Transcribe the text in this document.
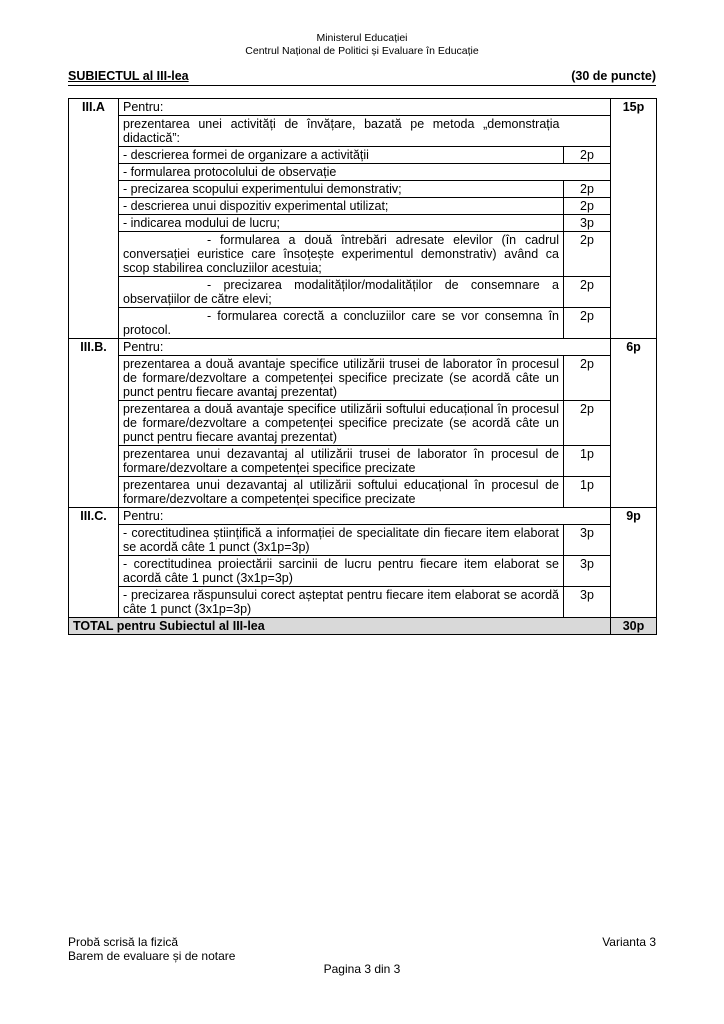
Ministerul Educației
Centrul Național de Politici și Evaluare în Educație
SUBIECTUL al III-lea	(30 de puncte)
III.A	Pentru:		15p
	prezentarea unei activități de învățare, bazată pe metoda „demonstrația didactică”:		
	- descrierea formei de organizare a activității	2p	
	- formularea protocolului de observație		
	- precizarea scopului experimentului demonstrativ;	2p	
	- descrierea unui dispozitiv experimental utilizat;	2p	
	- indicarea modului de lucru;	3p	
	- formularea a două întrebări adresate elevilor (în cadrul conversației euristice care însoțește experimentul demonstrativ) având ca scop stabilirea concluziilor acestuia;	2p	
	- precizarea modalităților/modalităților de consemnare a observațiilor de către elevi;	2p	
	- formularea corectă a concluziilor care se vor consemna în protocol.	2p	
III.B.	Pentru:		6p
	prezentarea a două avantaje specifice utilizării trusei de laborator în procesul de formare/dezvoltare a competenței specifice precizate (se acordă câte un punct pentru fiecare avantaj prezentat)	2p	
	prezentarea a două avantaje specifice utilizării softului educațional în procesul de formare/dezvoltare a competenței specifice precizate (se acordă câte un punct pentru fiecare avantaj prezentat)	2p	
	prezentarea unui dezavantaj al utilizării trusei de laborator în procesul de formare/dezvoltare a competenței specifice precizate	1p	
	prezentarea unui dezavantaj al utilizării softului educațional în procesul de formare/dezvoltare a competenței specifice precizate	1p	
III.C.	Pentru:		9p
	- corectitudinea științifică a informației de specialitate din fiecare item elaborat se acordă câte 1 punct (3x1p=3p)	3p	
	- corectitudinea proiectării sarcinii de lucru pentru fiecare item elaborat se acordă câte 1 punct (3x1p=3p)	3p	
	- precizarea răspunsului corect așteptat pentru fiecare item elaborat se acordă câte 1 punct (3x1p=3p)	3p	
TOTAL pentru Subiectul al III-lea			30p
Probă scrisă la fizică
Barem de evaluare și de notare
Varianta 3
Pagina 3 din 3
